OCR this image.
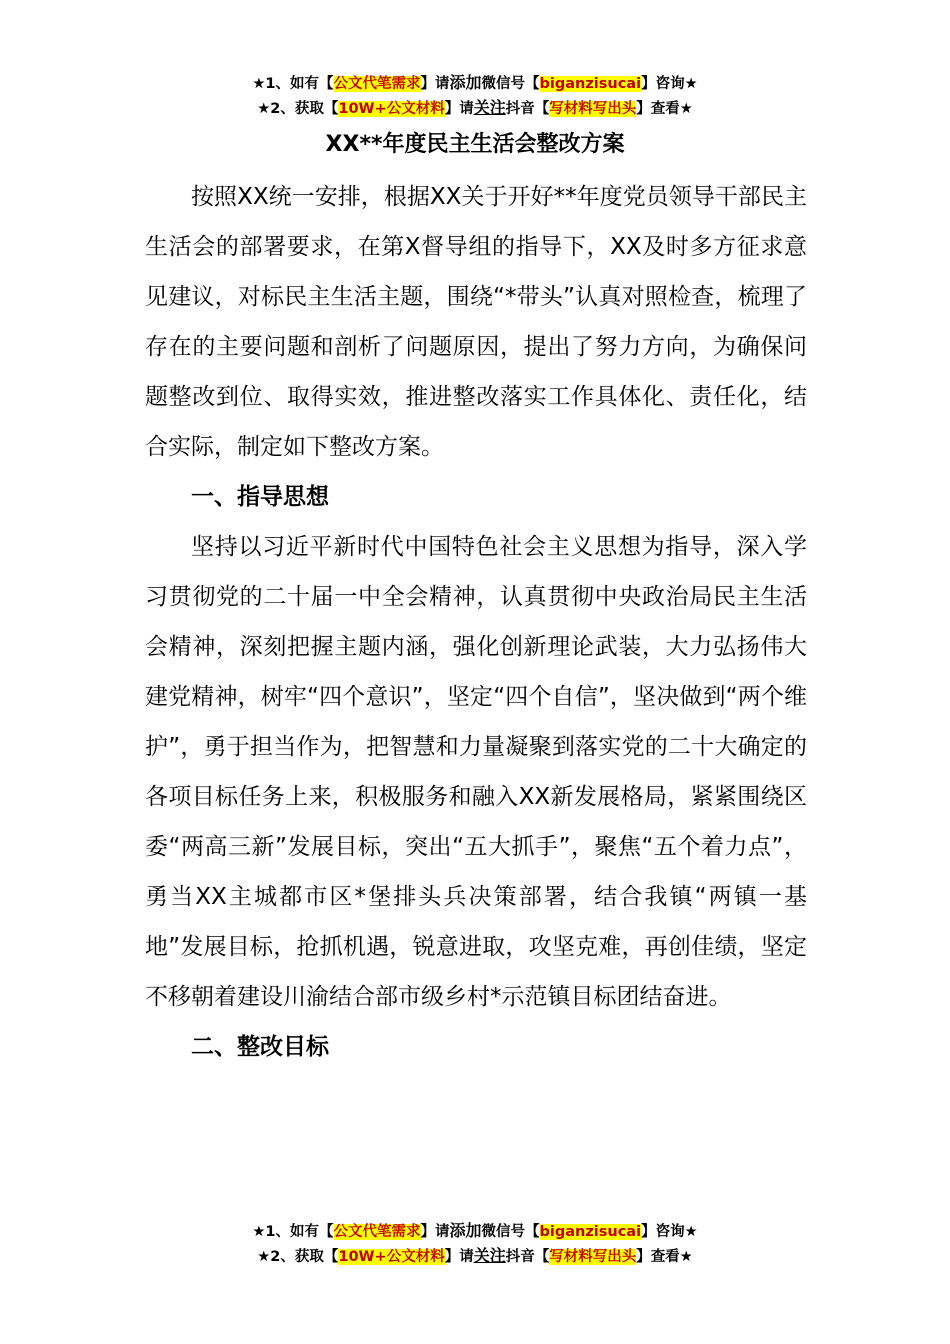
★1、如有【公文代笔需求】请添加微信号【biganzisucai】咨询★
★2、获取【10W+公文材料】请关注抖音【写材料写出头】查看★
XX**年度民主生活会整改方案

按照XX统一安排，根据XX关于开好**年度党员领导干部民主生活会的部署要求，在第X督导组的指导下，XX及时多方征求意见建议，对标民主生活主题，围绕“*带头”认真对照检查，梳理了存在的主要问题和剖析了问题原因，提出了努力方向，为确保问题整改到位、取得实效，推进整改落实工作具体化、责任化，结合实际，制定如下整改方案。

一、指导思想

坚持以习近平新时代中国特色社会主义思想为指导，深入学习贯彻党的二十届一中全会精神，认真贯彻中央政治局民主生活会精神，深刻把握主题内涵，强化创新理论武装，大力弘扬伟大建党精神，树牢“四个意识”，坚定“四个自信”，坚决做到“两个维护”，勇于担当作为，把智慧和力量凝聚到落实党的二十大确定的各项目标任务上来，积极服务和融入XX新发展格局，紧紧围绕区委“两高三新”发展目标，突出“五大抓手”，聚焦“五个着力点”，勇当XX主城都市区*堡排头兵决策部署，结合我镇“两镇一基地”发展目标，抢抓机遇，锐意进取，攻坚克难，再创佳绩，坚定不移朝着建设川渝结合部市级乡村*示范镇目标团结奋进。

二、整改目标
★1、如有【公文代笔需求】请添加微信号【biganzisucai】咨询★
★2、获取【10W+公文材料】请关注抖音【写材料写出头】查看★
